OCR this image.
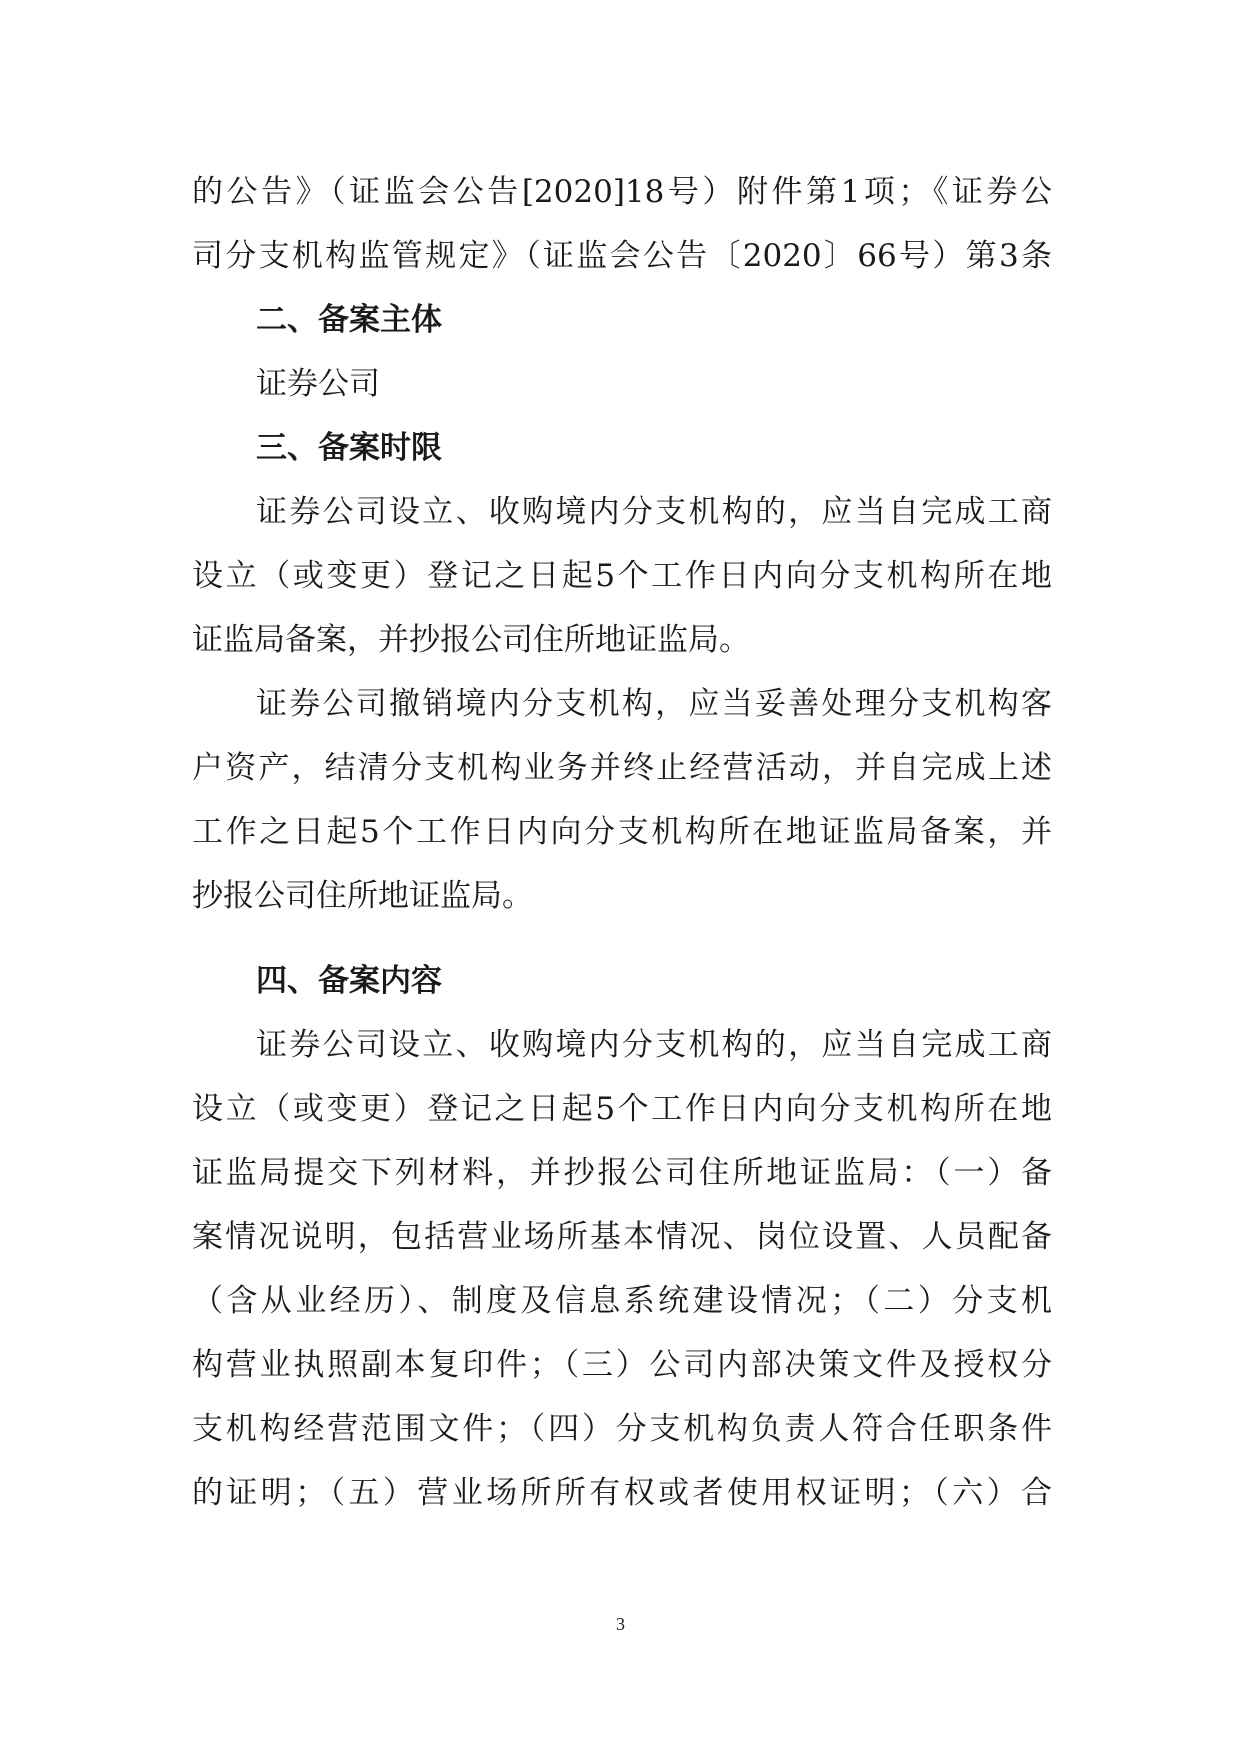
的公告》（证监会公告[2020]18号）附件第1项；《证券公
司分支机构监管规定》（证监会公告〔2020〕66号）第3条
二、备案主体
证券公司
三、备案时限
证券公司设立、收购境内分支机构的，应当自完成工商
设立（或变更）登记之日起5个工作日内向分支机构所在地
证监局备案，并抄报公司住所地证监局。
证券公司撤销境内分支机构，应当妥善处理分支机构客
户资产，结清分支机构业务并终止经营活动，并自完成上述
工作之日起5个工作日内向分支机构所在地证监局备案，并
抄报公司住所地证监局。
四、备案内容
证券公司设立、收购境内分支机构的，应当自完成工商
设立（或变更）登记之日起5个工作日内向分支机构所在地
证监局提交下列材料，并抄报公司住所地证监局：（一）备
案情况说明，包括营业场所基本情况、岗位设置、人员配备
（含从业经历）、制度及信息系统建设情况；（二）分支机
构营业执照副本复印件；（三）公司内部决策文件及授权分
支机构经营范围文件；（四）分支机构负责人符合任职条件
的证明；（五）营业场所所有权或者使用权证明；（六）合
3
